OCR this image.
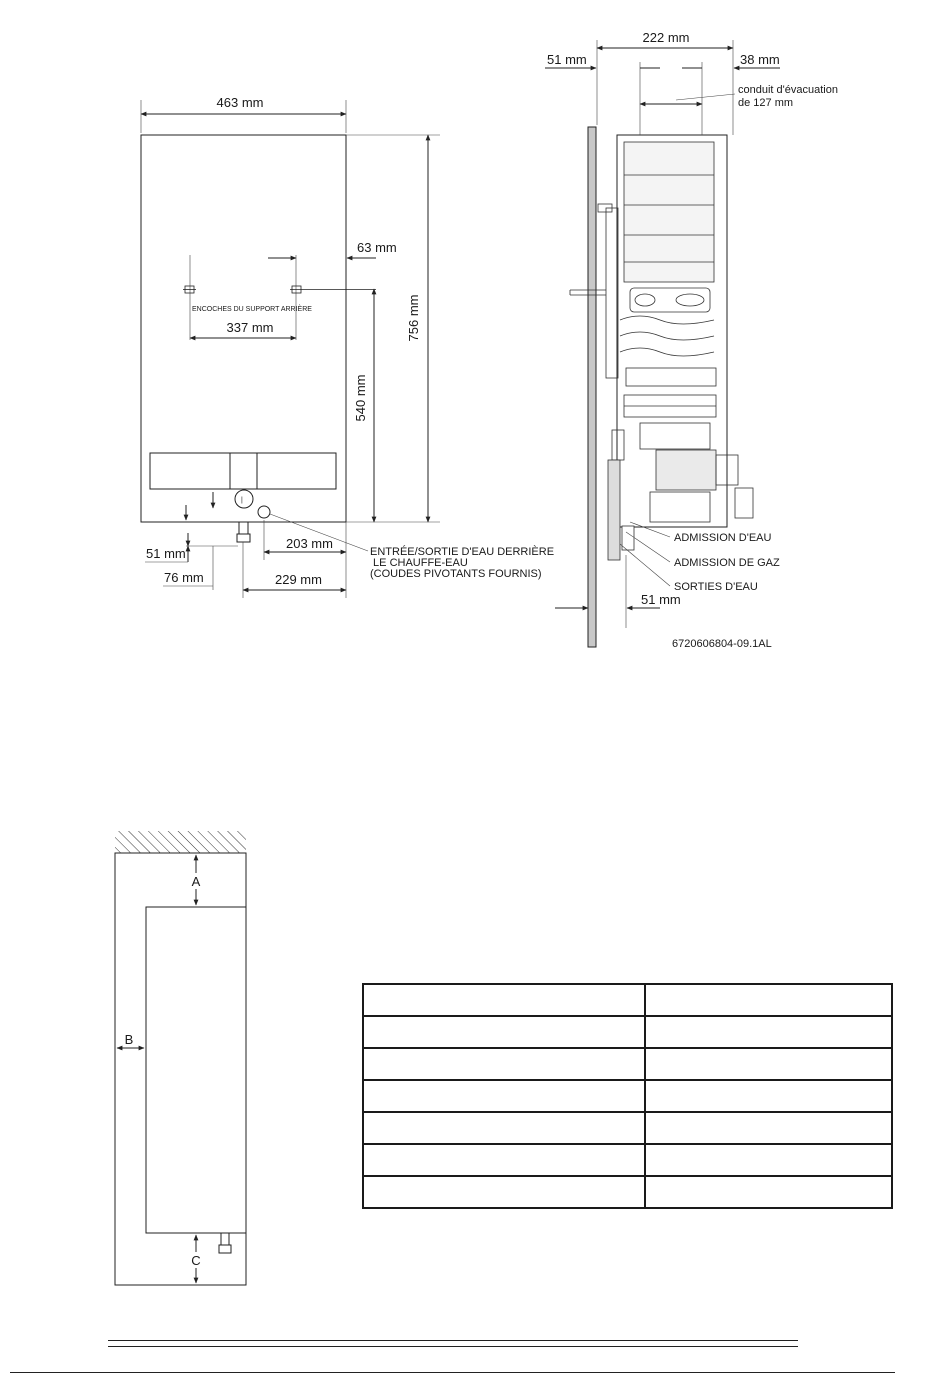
463 mm
756 mm
ENCOCHES DU SUPPORT ARRIÈRE
337 mm
63 mm
540 mm
|
51 mm
76 mm
203 mm
229 mm
ENTRÉE/SORTIE D'EAU DERRIÈRE
LE CHAUFFE-EAU
(COUDES PIVOTANTS FOURNIS)
conduit d'évacuation
de 127 mm
222 mm
51 mm	38 mm
ADMISSION D'EAU
ADMISSION DE GAZ
SORTIES D'EAU
51 mm
6720606804-09.1AL
A
B
C
